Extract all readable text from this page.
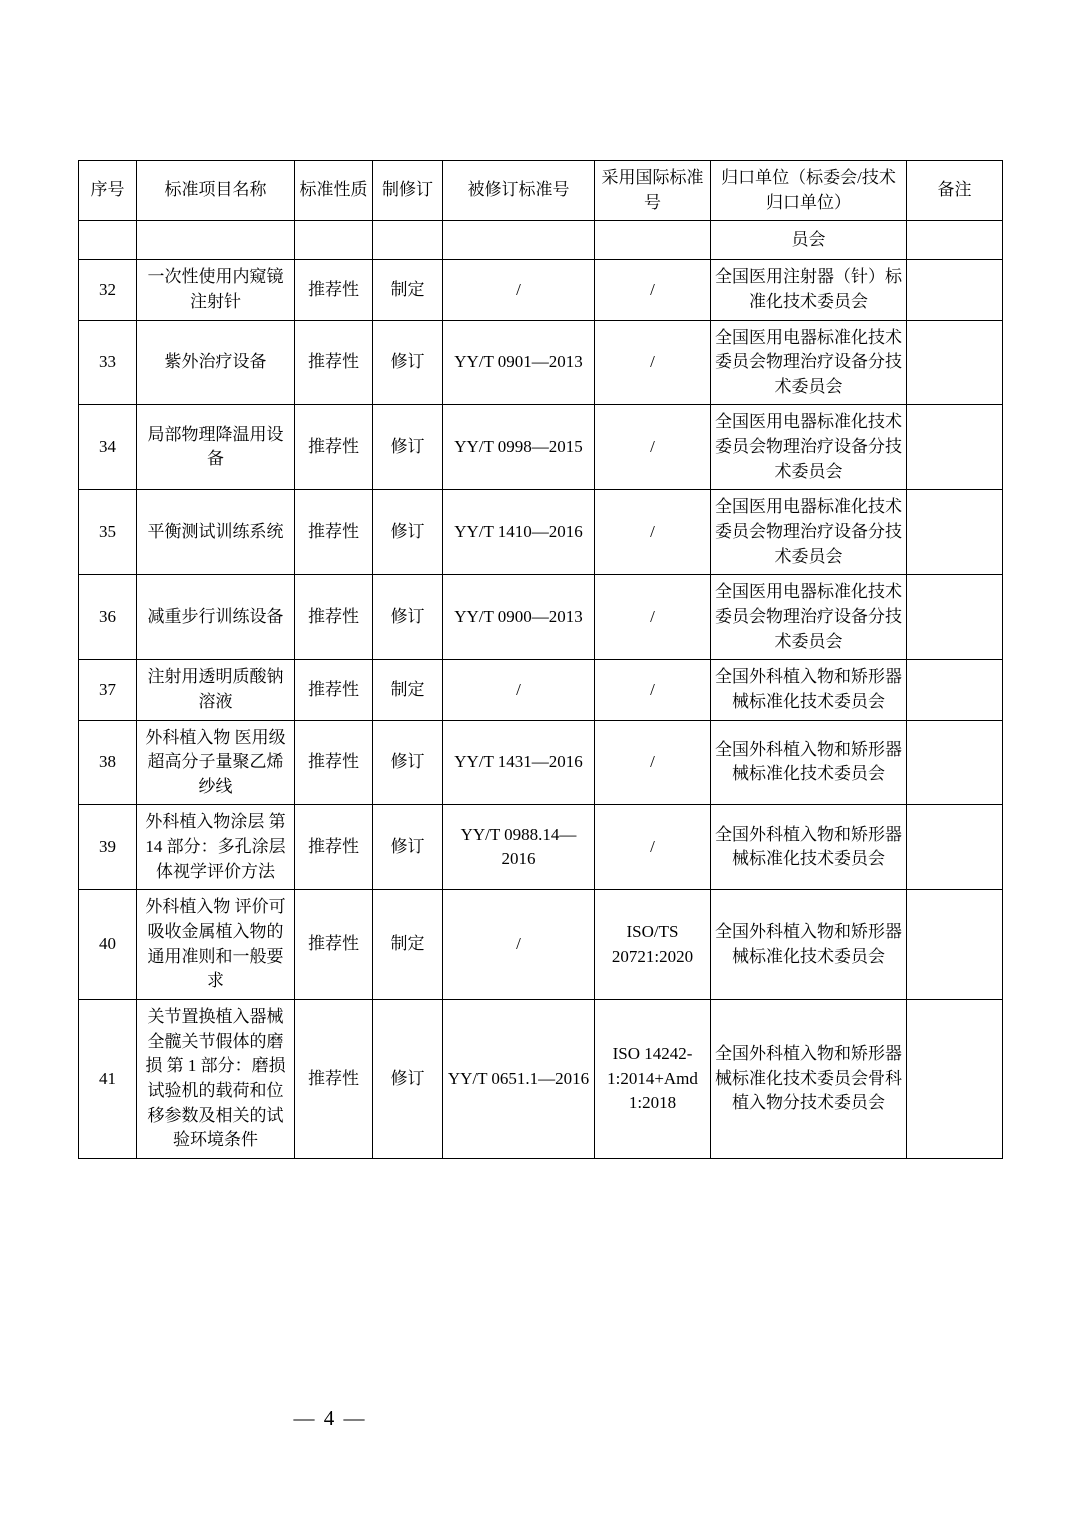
序号	标准项目名称	标准性质	制修订	被修订标准号	采用国际标准号	归口单位（标委会/技术归口单位）	备注
						员会	
32	一次性使用内窥镜注射针	推荐性	制定	/	/	全国医用注射器（针）标准化技术委员会	
33	紫外治疗设备	推荐性	修订	YY/T 0901—2013	/	全国医用电器标准化技术委员会物理治疗设备分技术委员会	
34	局部物理降温用设备	推荐性	修订	YY/T 0998—2015	/	全国医用电器标准化技术委员会物理治疗设备分技术委员会	
35	平衡测试训练系统	推荐性	修订	YY/T 1410—2016	/	全国医用电器标准化技术委员会物理治疗设备分技术委员会	
36	减重步行训练设备	推荐性	修订	YY/T 0900—2013	/	全国医用电器标准化技术委员会物理治疗设备分技术委员会	
37	注射用透明质酸钠溶液	推荐性	制定	/	/	全国外科植入物和矫形器械标准化技术委员会	
38	外科植入物 医用级超高分子量聚乙烯纱线	推荐性	修订	YY/T 1431—2016	/	全国外科植入物和矫形器械标准化技术委员会	
39	外科植入物涂层 第 14 部分：多孔涂层体视学评价方法	推荐性	修订	YY/T 0988.14—2016	/	全国外科植入物和矫形器械标准化技术委员会	
40	外科植入物 评价可吸收金属植入物的通用准则和一般要求	推荐性	制定	/	ISO/TS 20721:2020	全国外科植入物和矫形器械标准化技术委员会	
41	关节置换植入器械 全髋关节假体的磨损 第 1 部分：磨损试验机的载荷和位移参数及相关的试验环境条件	推荐性	修订	YY/T 0651.1—2016	ISO 14242-1:2014+Amd 1:2018	全国外科植入物和矫形器械标准化技术委员会骨科植入物分技术委员会	
— 4 —
